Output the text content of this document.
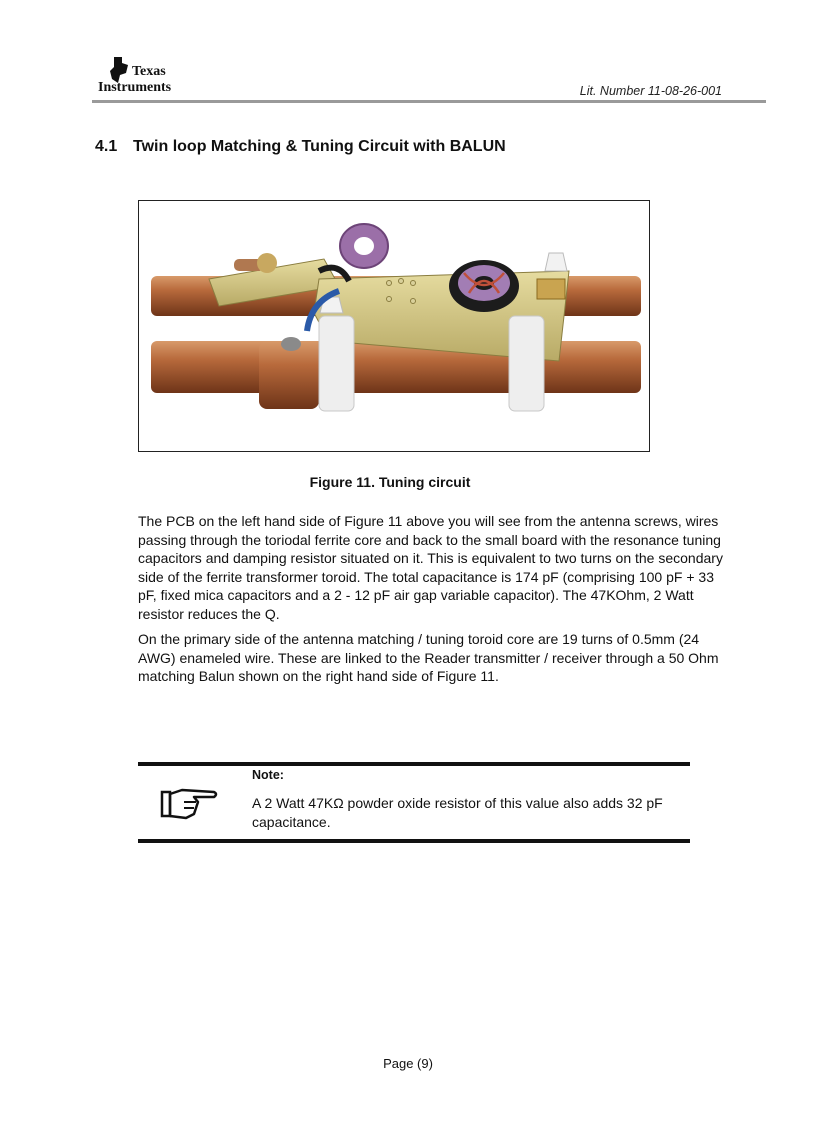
Texas
Instruments	Lit. Number 11-08-26-001
4.1 Twin loop Matching & Tuning Circuit with BALUN
Figure 11. Tuning circuit
The PCB on the left hand side of Figure 11 above you will see from the antenna screws, wires passing through the toriodal ferrite core and back to the small board with the resonance tuning capacitors and damping resistor situated on it. This is equivalent to two turns on the secondary side of the ferrite transformer toroid. The total capacitance is 174 pF (comprising 100 pF + 33 pF, fixed mica capacitors and a 2 - 12 pF air gap variable capacitor). The 47KOhm, 2 Watt resistor reduces the Q.
On the primary side of the antenna matching / tuning toroid core are 19 turns of 0.5mm (24 AWG) enameled wire. These are linked to the Reader transmitter / receiver through a 50 Ohm matching Balun shown on the right hand side of Figure 11.
Note:
A 2 Watt 47KΩ powder oxide resistor of this value also adds 32 pF capacitance.
Page (9)
